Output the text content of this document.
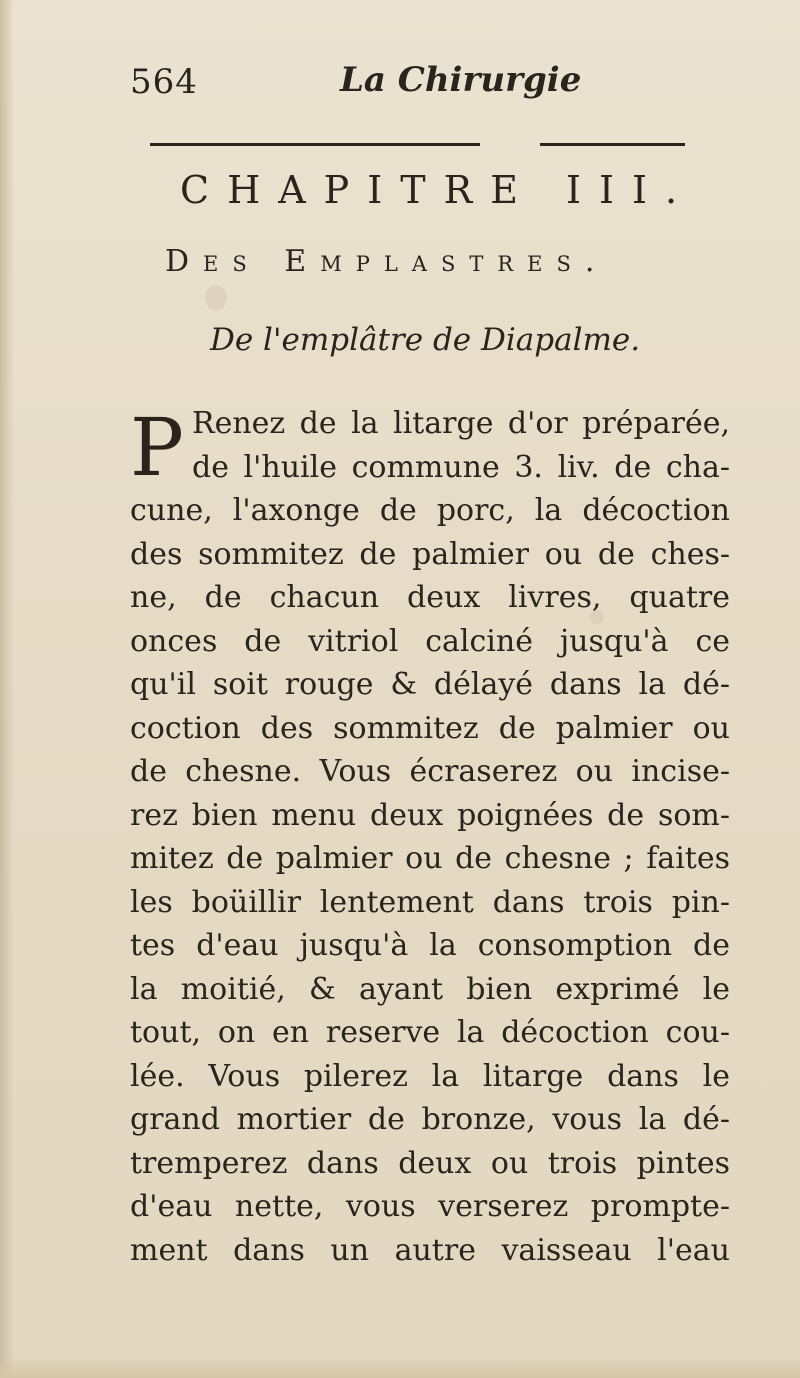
564	La Chirurgie
CHAPITRE III.
Des Emplastres.
De l'emplâtre de Diapalme.
P Renez de la litarge d'or préparée,
de l'huile commune 3. liv. de cha-
cune, l'axonge de porc, la décoction
des sommitez de palmier ou de ches-
ne, de chacun deux livres, quatre
onces de vitriol calciné jusqu'à ce
qu'il soit rouge & délayé dans la dé-
coction des sommitez de palmier ou
de chesne. Vous écraserez ou incise-
rez bien menu deux poignées de som-
mitez de palmier ou de chesne ; faites
les boüillir lentement dans trois pin-
tes d'eau jusqu'à la consomption de
la moitié, & ayant bien exprimé le
tout, on en reserve la décoction cou-
lée. Vous pilerez la litarge dans le
grand mortier de bronze, vous la dé-
tremperez dans deux ou trois pintes
d'eau nette, vous verserez prompte-
ment dans un autre vaisseau l'eau
